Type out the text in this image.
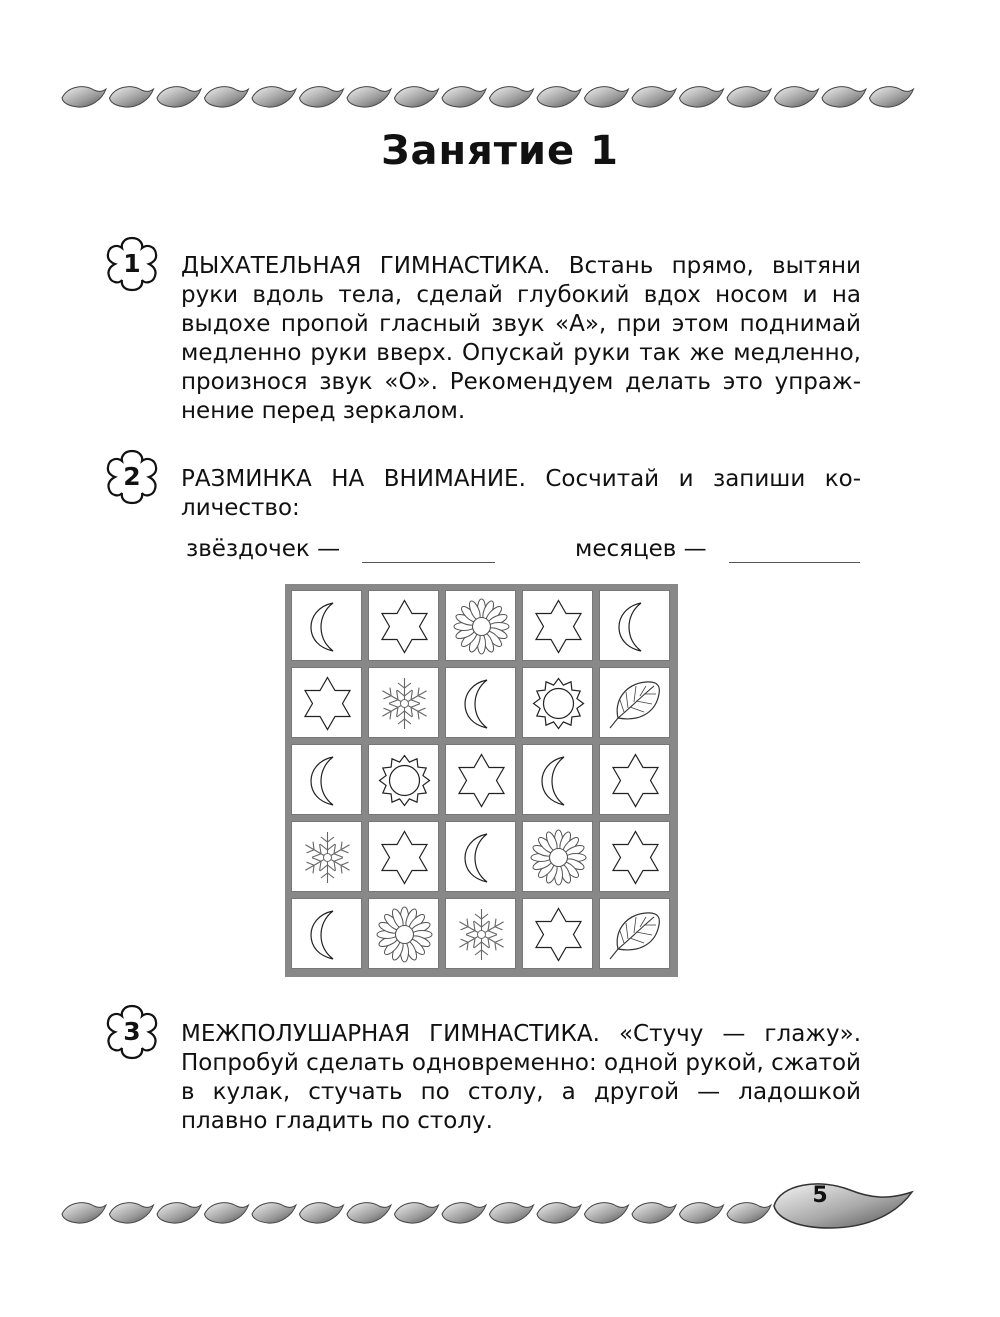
Занятие 1
1	ДЫХАТЕЛЬНАЯ ГИМНАСТИКА. Встань прямо, вытяни руки вдоль тела, сделай глубокий вдох носом и на выдохе пропой гласный звук «А», при этом поднимай медленно руки вверх. Опускай руки так же медленно, произнося звук «О». Рекомендуем делать это упражнение перед зеркалом.

2	РАЗМИНКА НА ВНИМАНИЕ. Сосчитай и запиши количество:

звёздочек —	месяцев —
3	МЕЖПОЛУШАРНАЯ ГИМНАСТИКА. «Стучу — глажу». Попробуй сделать одновременно: одной рукой, сжатой в кулак, стучать по столу, а другой — ладошкой плавно гладить по столу.

5
